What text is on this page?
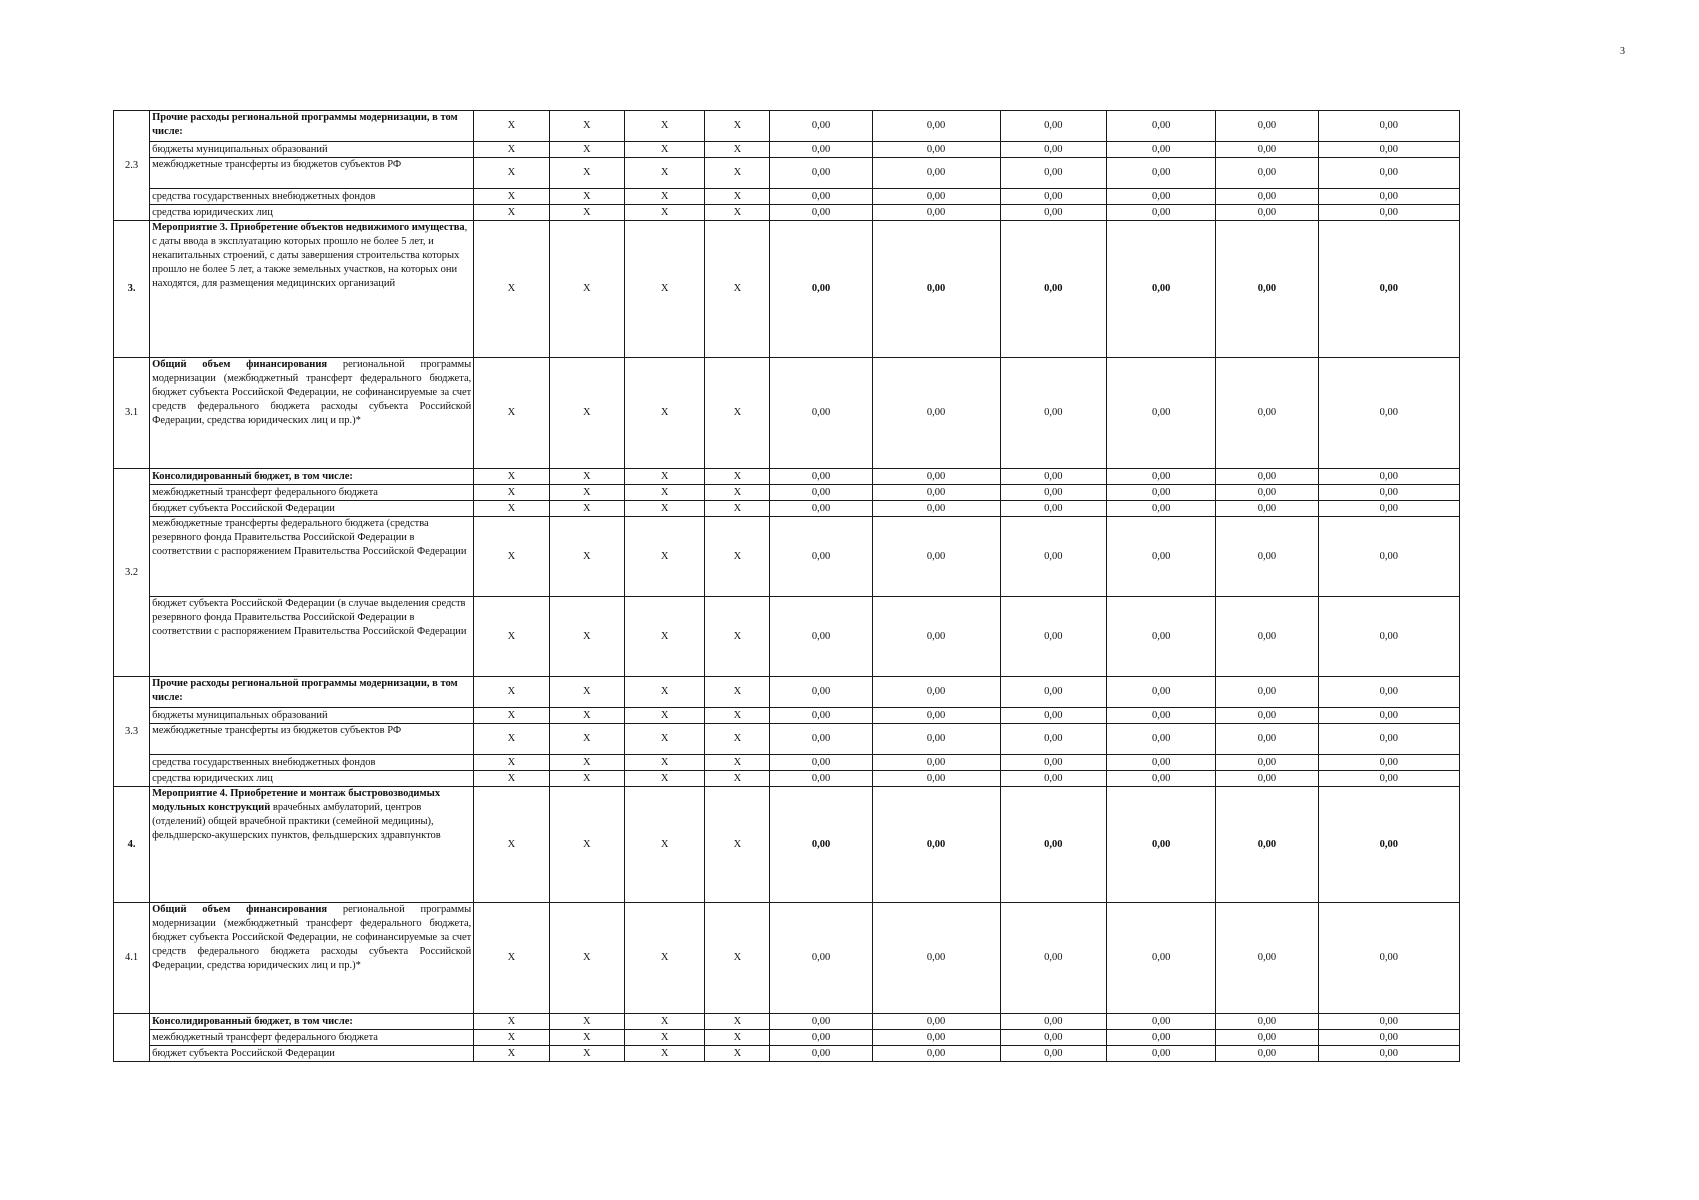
3
2.3	Прочие расходы региональной программы модернизации, в том числе:	X	X	X	X	0,00	0,00	0,00	0,00	0,00	0,00
	бюджеты муниципальных образований	X	X	X	X	0,00	0,00	0,00	0,00	0,00	0,00
	межбюджетные трансферты из бюджетов субъектов РФ	X	X	X	X	0,00	0,00	0,00	0,00	0,00	0,00
	средства государственных внебюджетных фондов	X	X	X	X	0,00	0,00	0,00	0,00	0,00	0,00
	средства юридических лиц	X	X	X	X	0,00	0,00	0,00	0,00	0,00	0,00
3.	Мероприятие 3. Приобретение объектов недвижимого имущества, с даты ввода в эксплуатацию которых прошло не более 5 лет, и некапитальных строений, с даты завершения строительства которых прошло не более 5 лет, а также земельных участков, на которых они находятся, для размещения медицинских организаций	X	X	X	X	0,00	0,00	0,00	0,00	0,00	0,00
3.1	Общий объем финансирования региональной программы модернизации (межбюджетный трансферт федерального бюджета, бюджет субъекта Российской Федерации, не софинансируемые за счет средств федерального бюджета расходы субъекта Российской Федерации, средства юридических лиц и пр.)*	X	X	X	X	0,00	0,00	0,00	0,00	0,00	0,00
3.2	Консолидированный бюджет, в том числе:	X	X	X	X	0,00	0,00	0,00	0,00	0,00	0,00
	межбюджетный трансферт федерального бюджета	X	X	X	X	0,00	0,00	0,00	0,00	0,00	0,00
	бюджет субъекта Российской Федерации	X	X	X	X	0,00	0,00	0,00	0,00	0,00	0,00
	межбюджетные трансферты федерального бюджета (средства резервного фонда Правительства Российской Федерации в соответствии с распоряжением Правительства Российской Федерации	X	X	X	X	0,00	0,00	0,00	0,00	0,00	0,00
	бюджет субъекта Российской Федерации (в случае выделения средств резервного фонда Правительства Российской Федерации в соответствии с распоряжением Правительства Российской Федерации	X	X	X	X	0,00	0,00	0,00	0,00	0,00	0,00
3.3	Прочие расходы региональной программы модернизации, в том числе:	X	X	X	X	0,00	0,00	0,00	0,00	0,00	0,00
	бюджеты муниципальных образований	X	X	X	X	0,00	0,00	0,00	0,00	0,00	0,00
	межбюджетные трансферты из бюджетов субъектов РФ	X	X	X	X	0,00	0,00	0,00	0,00	0,00	0,00
	средства государственных внебюджетных фондов	X	X	X	X	0,00	0,00	0,00	0,00	0,00	0,00
	средства юридических лиц	X	X	X	X	0,00	0,00	0,00	0,00	0,00	0,00
4.	Мероприятие 4. Приобретение и монтаж быстровозводимых модульных конструкций врачебных амбулаторий, центров (отделений) общей врачебной практики (семейной медицины), фельдшерско-акушерских пунктов, фельдшерских здравпунктов	X	X	X	X	0,00	0,00	0,00	0,00	0,00	0,00
4.1	Общий объем финансирования региональной программы модернизации (межбюджетный трансферт федерального бюджета, бюджет субъекта Российской Федерации, не софинансируемые за счет средств федерального бюджета расходы субъекта Российской Федерации, средства юридических лиц и пр.)*	X	X	X	X	0,00	0,00	0,00	0,00	0,00	0,00
	Консолидированный бюджет, в том числе:	X	X	X	X	0,00	0,00	0,00	0,00	0,00	0,00
	межбюджетный трансферт федерального бюджета	X	X	X	X	0,00	0,00	0,00	0,00	0,00	0,00
	бюджет субъекта Российской Федерации	X	X	X	X	0,00	0,00	0,00	0,00	0,00	0,00
